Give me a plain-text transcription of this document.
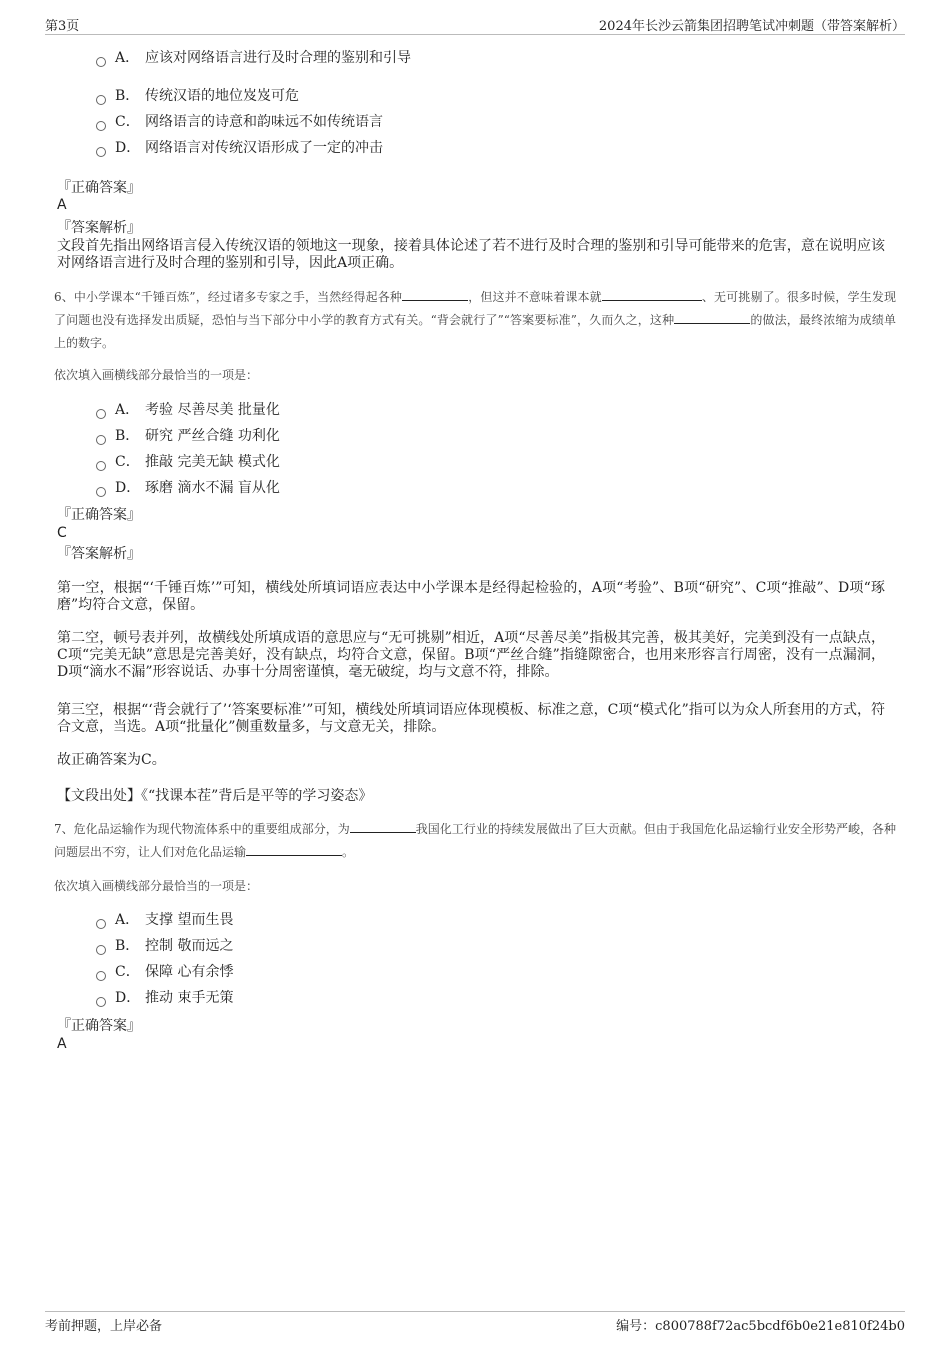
第3页	2024年长沙云箭集团招聘笔试冲刺题（带答案解析）
A． 应该对网络语言进行及时合理的鉴别和引导
B． 传统汉语的地位岌岌可危
C． 网络语言的诗意和韵味远不如传统语言
D． 网络语言对传统汉语形成了一定的冲击
『正确答案』
A
『答案解析』
文段首先指出网络语言侵入传统汉语的领地这一现象，接着具体论述了若不进行及时合理的鉴别和引导可能带来的危害，意在说明应该对网络语言进行及时合理的鉴别和引导，因此A项正确。
6、中小学课本“千锤百炼”，经过诸多专家之手，当然经得起各种	，但这并不意味着课本就	、无可挑剔了。很多时候，学生发现了问题也没有选择发出质疑，恐怕与当下部分中小学的教育方式有关。“背会就行了”“答案要标准”，久而久之，这种	的做法，最终浓缩为成绩单上的数字。
依次填入画横线部分最恰当的一项是：
A． 考验 尽善尽美 批量化
B． 研究 严丝合缝 功利化
C． 推敲 完美无缺 模式化
D． 琢磨 滴水不漏 盲从化
『正确答案』
C
『答案解析』
第一空，根据“‘千锤百炼’”可知，横线处所填词语应表达中小学课本是经得起检验的，A项“考验”、B项“研究”、C项“推敲”、D项“琢磨”均符合文意，保留。
第二空，顿号表并列，故横线处所填成语的意思应与“无可挑剔”相近，A项“尽善尽美”指极其完善，极其美好，完美到没有一点缺点，C项“完美无缺”意思是完善美好，没有缺点，均符合文意，保留。B项“严丝合缝”指缝隙密合，也用来形容言行周密，没有一点漏洞，D项“滴水不漏”形容说话、办事十分周密谨慎，毫无破绽，均与文意不符，排除。
第三空，根据“‘背会就行了’‘答案要标准’”可知，横线处所填词语应体现模板、标准之意，C项“模式化”指可以为众人所套用的方式，符合文意，当选。A项“批量化”侧重数量多，与文意无关，排除。
故正确答案为C。
【文段出处】《“找课本茬”背后是平等的学习姿态》
7、危化品运输作为现代物流体系中的重要组成部分，为	我国化工行业的持续发展做出了巨大贡献。但由于我国危化品运输行业安全形势严峻，各种问题层出不穷，让人们对危化品运输	。
依次填入画横线部分最恰当的一项是：
A． 支撑 望而生畏
B． 控制 敬而远之
C． 保障 心有余悸
D． 推动 束手无策
『正确答案』
A
考前押题，上岸必备	编号：c800788f72ac5bcdf6b0e21e810f24b0
